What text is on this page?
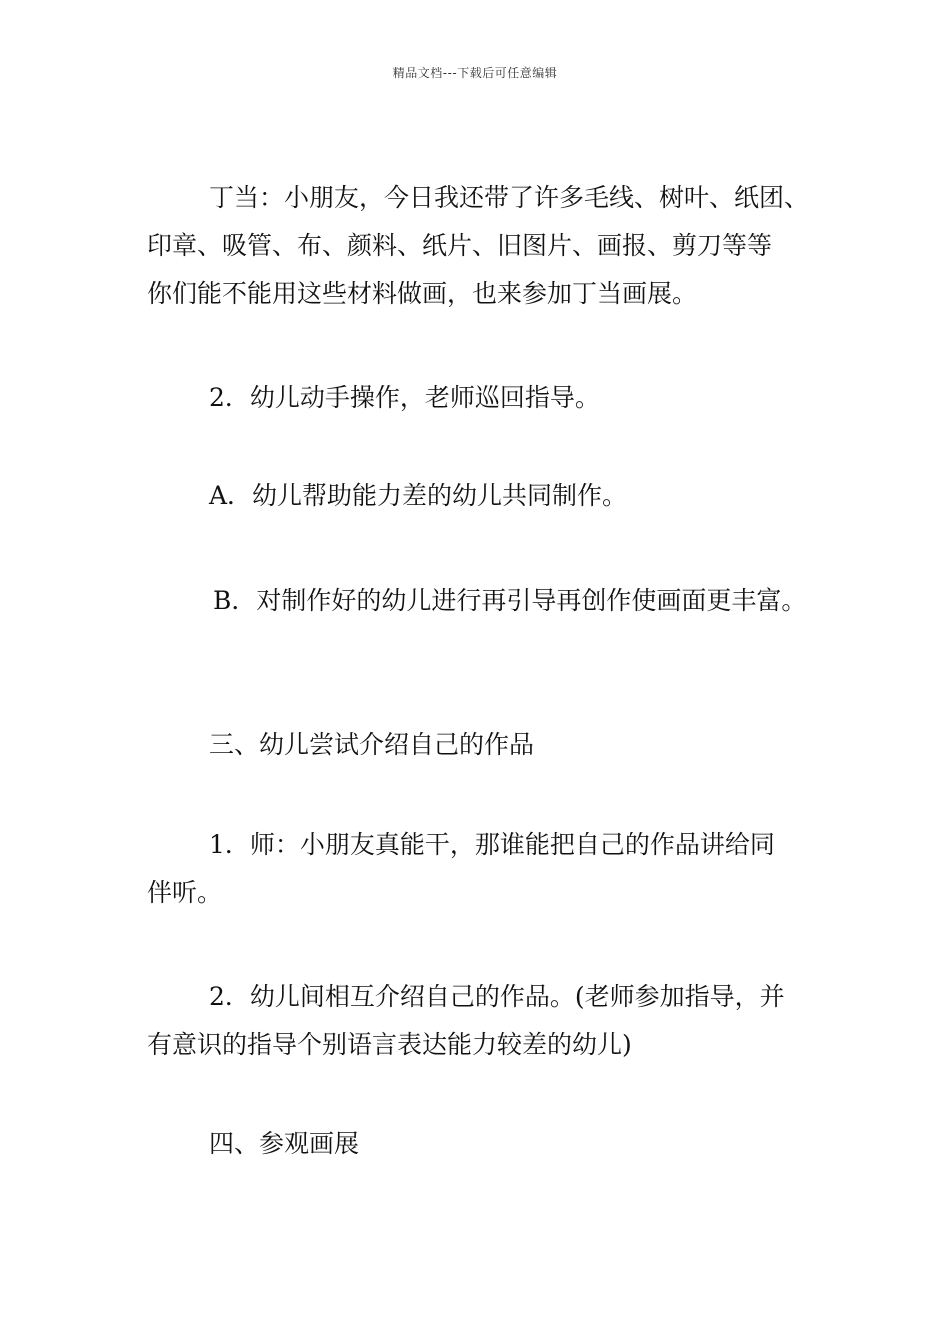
精品文档---下载后可任意编辑
丁当：小朋友，今日我还带了许多毛线、树叶、纸团、
印章、吸管、布、颜料、纸片、旧图片、画报、剪刀等等
你们能不能用这些材料做画，也来参加丁当画展。
2．幼儿动手操作，老师巡回指导。
A．幼儿帮助能力差的幼儿共同制作。
B．对制作好的幼儿进行再引导再创作使画面更丰富。
三、幼儿尝试介绍自己的作品
1．师：小朋友真能干，那谁能把自己的作品讲给同
伴听。
2．幼儿间相互介绍自己的作品。(老师参加指导，并
有意识的指导个别语言表达能力较差的幼儿)
四、参观画展
